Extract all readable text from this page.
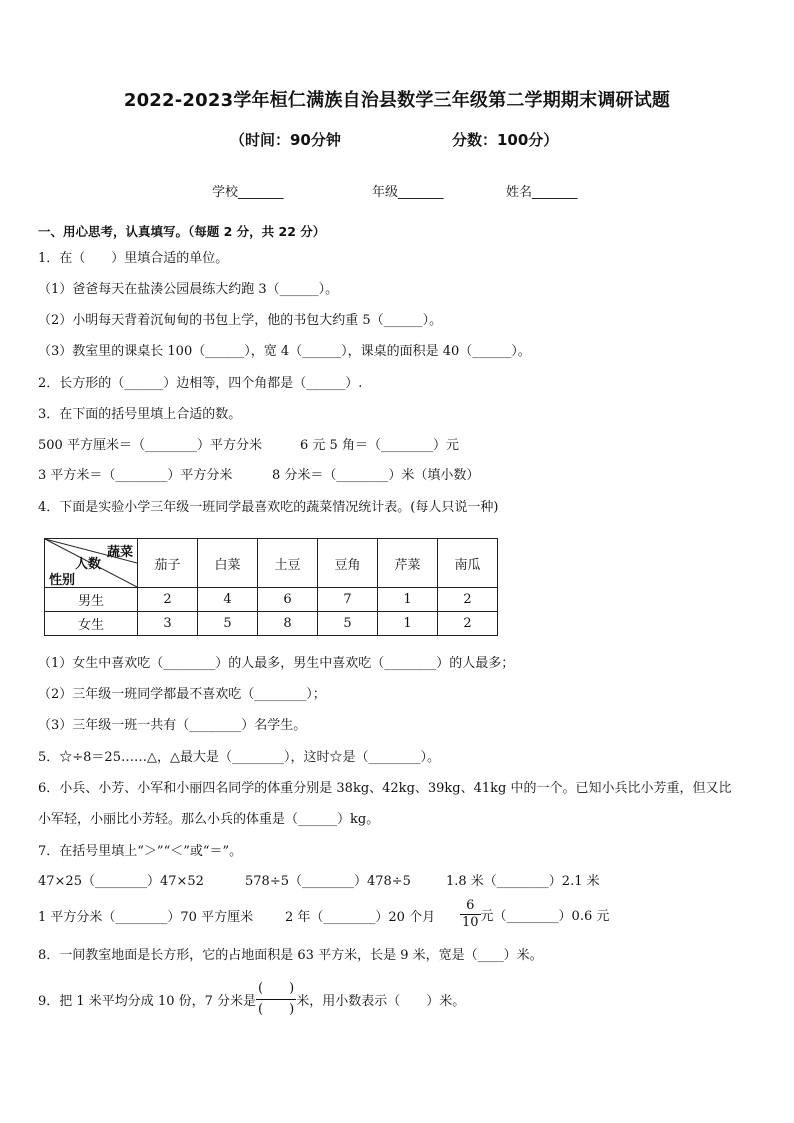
2022-2023学年桓仁满族自治县数学三年级第二学期期末调研试题
（时间：90分钟	分数：100分）
学校_______	年级_______	姓名_______
一、用心思考，认真填写。（每题 2 分，共 22 分）
1．在（　　）里填合适的单位。
（1）爸爸每天在盐湊公园晨练大约跑 3（______）。
（2）小明每天背着沉甸甸的书包上学，他的书包大约重 5（______）。
（3）教室里的课桌长 100（______），宽 4（______），课桌的面积是 40（______）。
2．长方形的（______）边相等，四个角都是（______）.
3．在下面的括号里填上合适的数。
500 平方厘米＝（________）平方分米	6 元 5 角＝（________）元
3 平方米＝（________）平方分米	8 分米＝（________）米（填小数）
4．下面是实验小学三年级一班同学最喜欢吃的蔬菜情况统计表。(每人只说一种)
蔬菜
人数
性别	茄子	白菜	土豆	豆角	芹菜	南瓜
男生	2	4	6	7	1	2
女生	3	5	8	5	1	2
（1）女生中喜欢吃（________）的人最多，男生中喜欢吃（________）的人最多；
（2）三年级一班同学都最不喜欢吃（________）；
（3）三年级一班一共有（________）名学生。
5．☆÷8＝25……△，△最大是（________），这时☆是（________）。
6．小兵、小芳、小军和小丽四名同学的体重分别是 38kg、42kg、39kg、41kg 中的一个。已知小兵比小芳重，但又比
小军轻，小丽比小芳轻。那么小兵的体重是（______）kg。
7．在括号里填上“＞”“＜”或“＝”。
47×25（________）47×52	578÷5（________）478÷5	1.8 米（________）2.1 米
1 平方分米（________）70 平方厘米 2 年（________）20 个月 $\frac{6}{10}$ 元（________）0.6 元
8．一间教室地面是长方形，它的占地面积是 63 平方米，长是 9 米，宽是（____）米。
9．把 1 米平均分成 10 份，7 分米是 $\frac{( )}{( )}$ 米，用小数表示（　　）米。
